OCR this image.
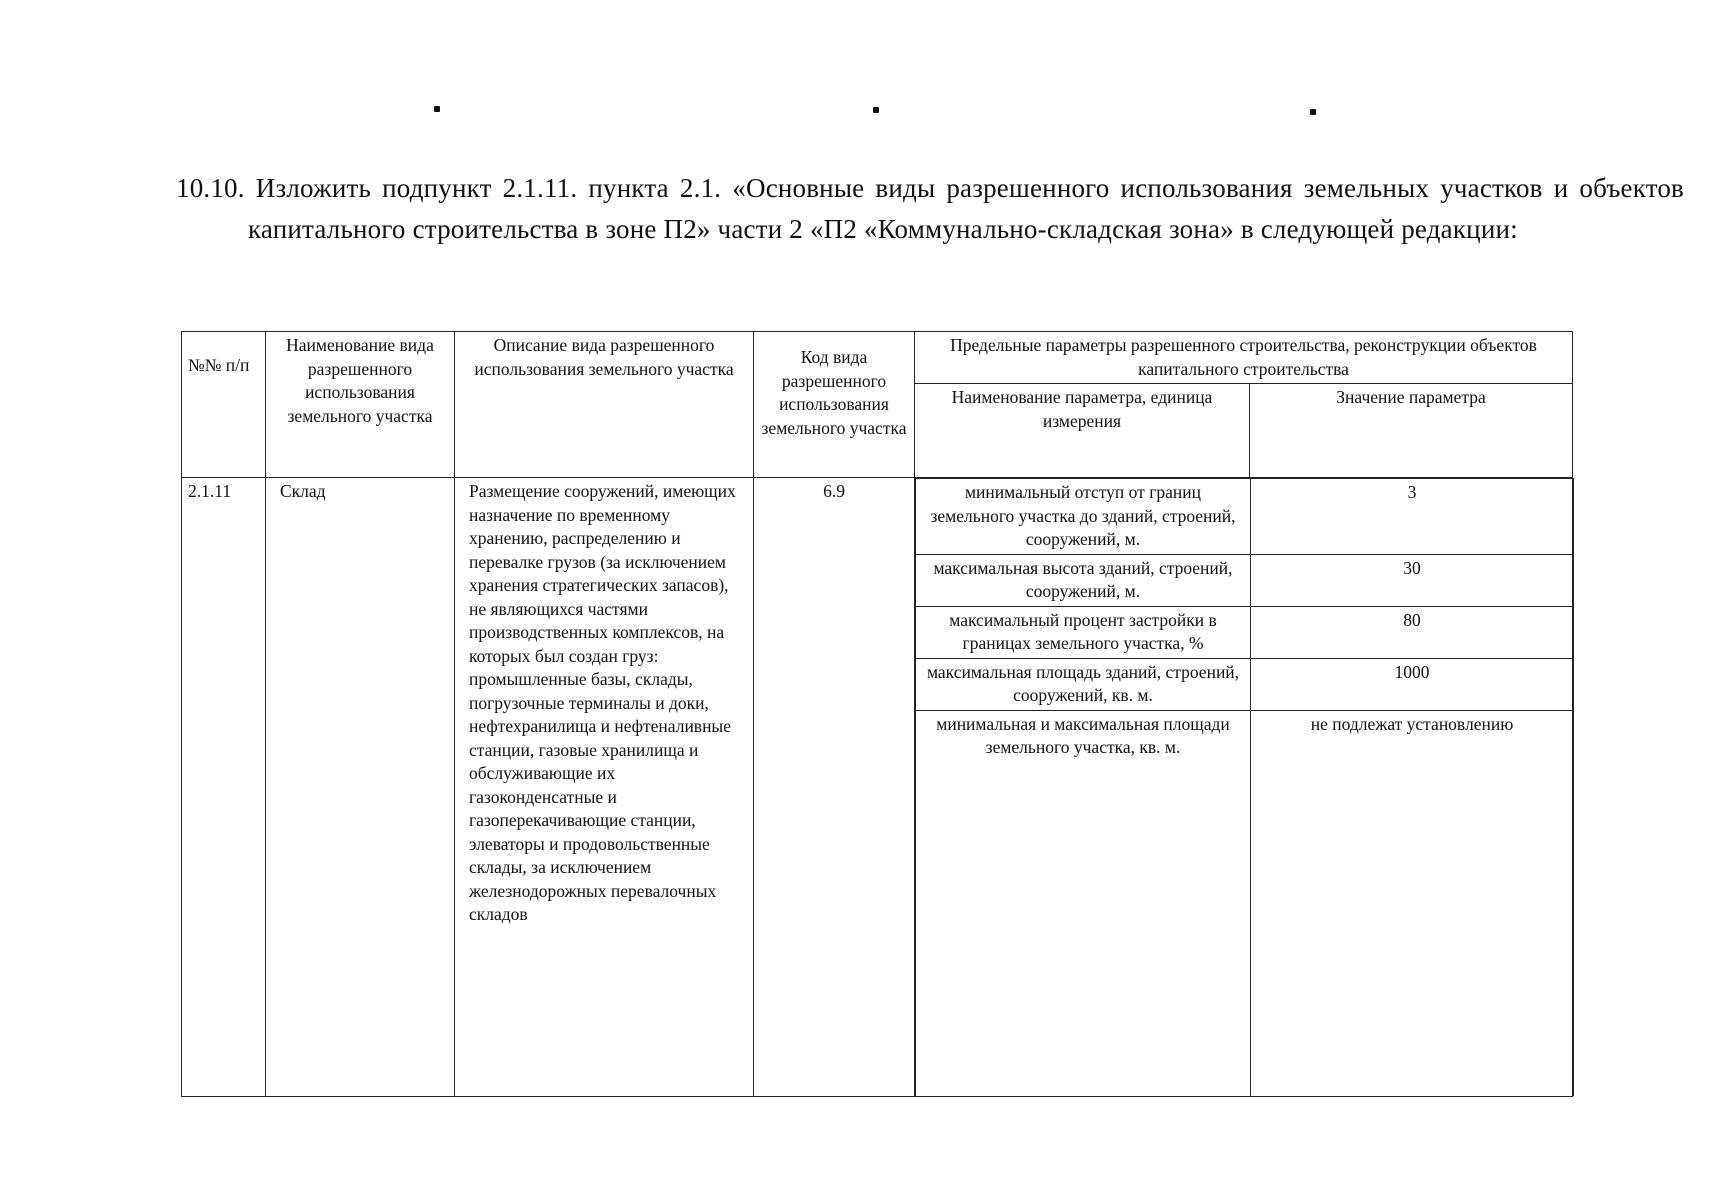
10.10. Изложить подпункт 2.1.11. пункта 2.1. «Основные виды разрешенного использования земельных участков и объектов капитального строительства в зоне П2» части 2 «П2 «Коммунально-складская зона» в следующей редакции:
№№ п/п	Наименование вида разрешенного использования земельного участка	Описание вида разрешенного использования земельного участка	Код вида разрешенного использования земельного участка	Предельные параметры разрешенного строительства, реконструкции объектов капитального строительства
Наименование параметра, единица измерения	Значение параметра
2.1.11	Склад	Размещение сооружений, имеющих назначение по временному хранению, распределению и перевалке грузов (за исключением хранения стратегических запасов), не являющихся частями производственных комплексов, на которых был создан груз: промышленные базы, склады, погрузочные терминалы и доки, нефтехранилища и нефтеналивные станции, газовые хранилища и обслуживающие их газоконденсатные и газоперекачивающие станции, элеваторы и продовольственные склады, за исключением железнодорожных перевалочных складов	6.9		минимальный отступ от границ земельного участка до зданий, строений, сооружений, м.	3
максимальная высота зданий, строений, сооружений, м.	30
максимальный процент застройки в границах земельного участка, %	80
максимальная площадь зданий, строений, сооружений, кв. м.	1000
минимальная и максимальная площади земельного участка, кв. м.	не подлежат установлению
